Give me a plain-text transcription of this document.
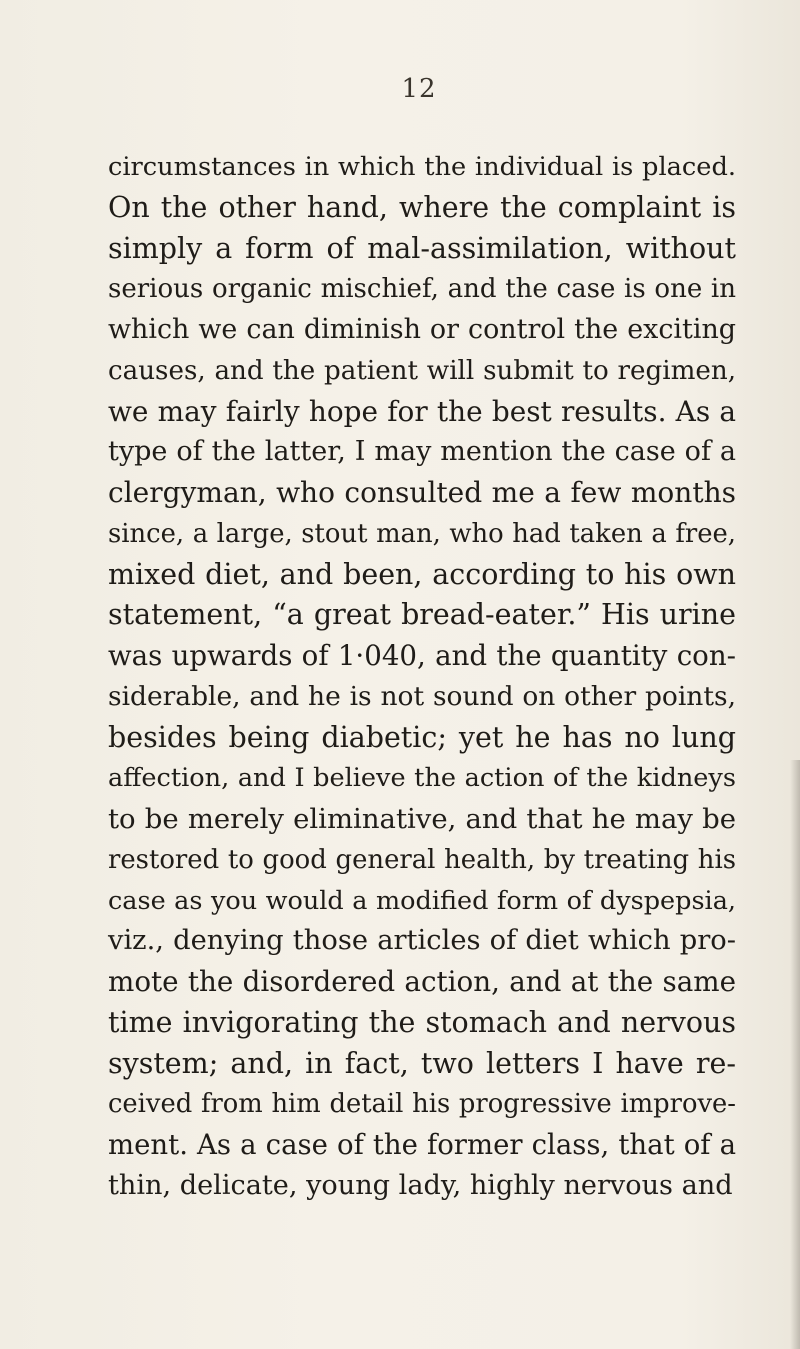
12
circumstances in which the individual is placed.
On the other hand, where the complaint is
simply a form of mal-assimilation, without
serious organic mischief, and the case is one in
which we can diminish or control the exciting
causes, and the patient will submit to regimen,
we may fairly hope for the best results. As a
type of the latter, I may mention the case of a
clergyman, who consulted me a few months
since, a large, stout man, who had taken a free,
mixed diet, and been, according to his own
statement, “a great bread-eater.” His urine
was upwards of 1·040, and the quantity con-
siderable, and he is not sound on other points,
besides being diabetic; yet he has no lung
affection, and I believe the action of the kidneys
to be merely eliminative, and that he may be
restored to good general health, by treating his
case as you would a modified form of dyspepsia,
viz., denying those articles of diet which pro-
mote the disordered action, and at the same
time invigorating the stomach and nervous
system; and, in fact, two letters I have re-
ceived from him detail his progressive improve-
ment. As a case of the former class, that of a
thin, delicate, young lady, highly nervous and
